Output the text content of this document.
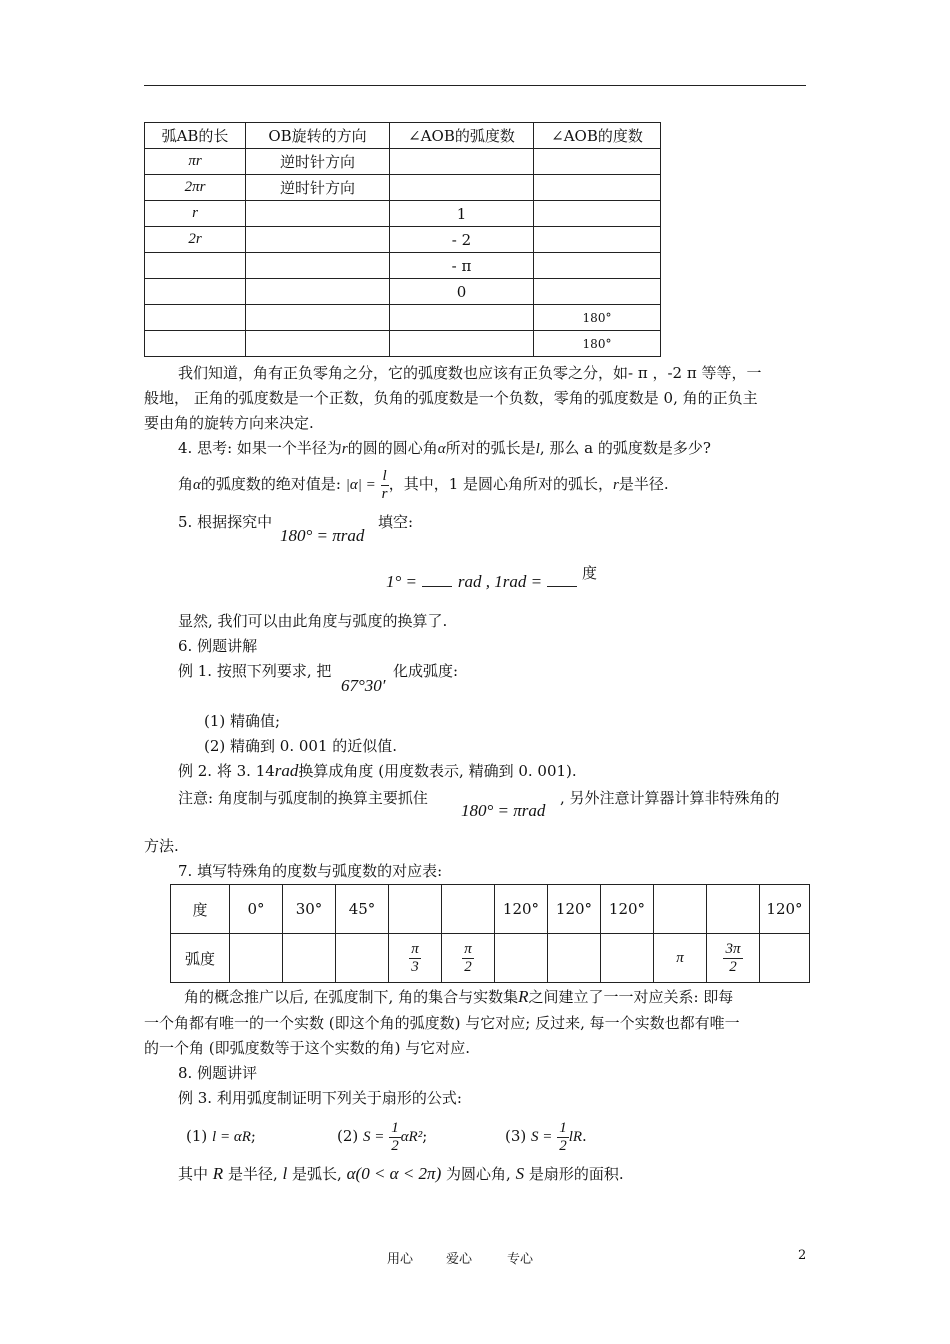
弧AB的长	OB旋转的方向	∠AOB的弧度数	∠AOB的度数
πr	逆时针方向		
2πr	逆时针方向		
r		1	
2r		- 2	
		- π	
		0	
			180°
			180°
我们知道，角有正负零角之分，它的弧度数也应该有正负零之分，如- π ，-2 π 等等，一
般地， 正角的弧度数是一个正数，负角的弧度数是一个负数，零角的弧度数是 0, 角的正负主
要由角的旋转方向来决定.
4. 思考: 如果一个半径为r的圆的圆心角α所对的弧长是l, 那么 a 的弧度数是多少?
角α的弧度数的绝对值是: $|\alpha| = \frac{l}{r}$ ，其中，1 是圆心角所对的弧长，r是半径.
5. 根据探究中
180° = πrad
填空:
1° = rad , 1rad =	度
显然, 我们可以由此角度与弧度的换算了.
6. 例题讲解
例 1. 按照下列要求, 把
67°30′
化成弧度:
(1) 精确值;
(2) 精确到 0. 001 的近似值.
例 2. 将 3. 14rad换算成角度 (用度数表示, 精确到 0. 001).
注意: 角度制与弧度制的换算主要抓住
180° = πrad
, 另外注意计算器计算非特殊角的
方法.
7. 填写特殊角的度数与弧度数的对应表:
度	0°	30°	45°			120°	120°	120°			120°
弧度				$\frac{\pi}{3}$	$\frac{\pi}{2}$				π	$\frac{3\pi}{2}$

角的概念推广以后, 在弧度制下, 角的集合与实数集R之间建立了一一对应关系: 即每
一个角都有唯一的一个实数 (即这个角的弧度数) 与它对应; 反过来, 每一个实数也都有唯一
的一个角 (即弧度数等于这个实数的角) 与它对应.
8. 例题讲评
例 3. 利用弧度制证明下列关于扇形的公式:
(1) l = αR;	(2) $S = \frac{1}{2} \alpha R^2$;	(3) $S = \frac{1}{2}$ lR.
其中 R 是半径, l 是弧长, α(0 < α < 2π) 为圆心角, S 是扇形的面积.
用心	爱心	专心	2
